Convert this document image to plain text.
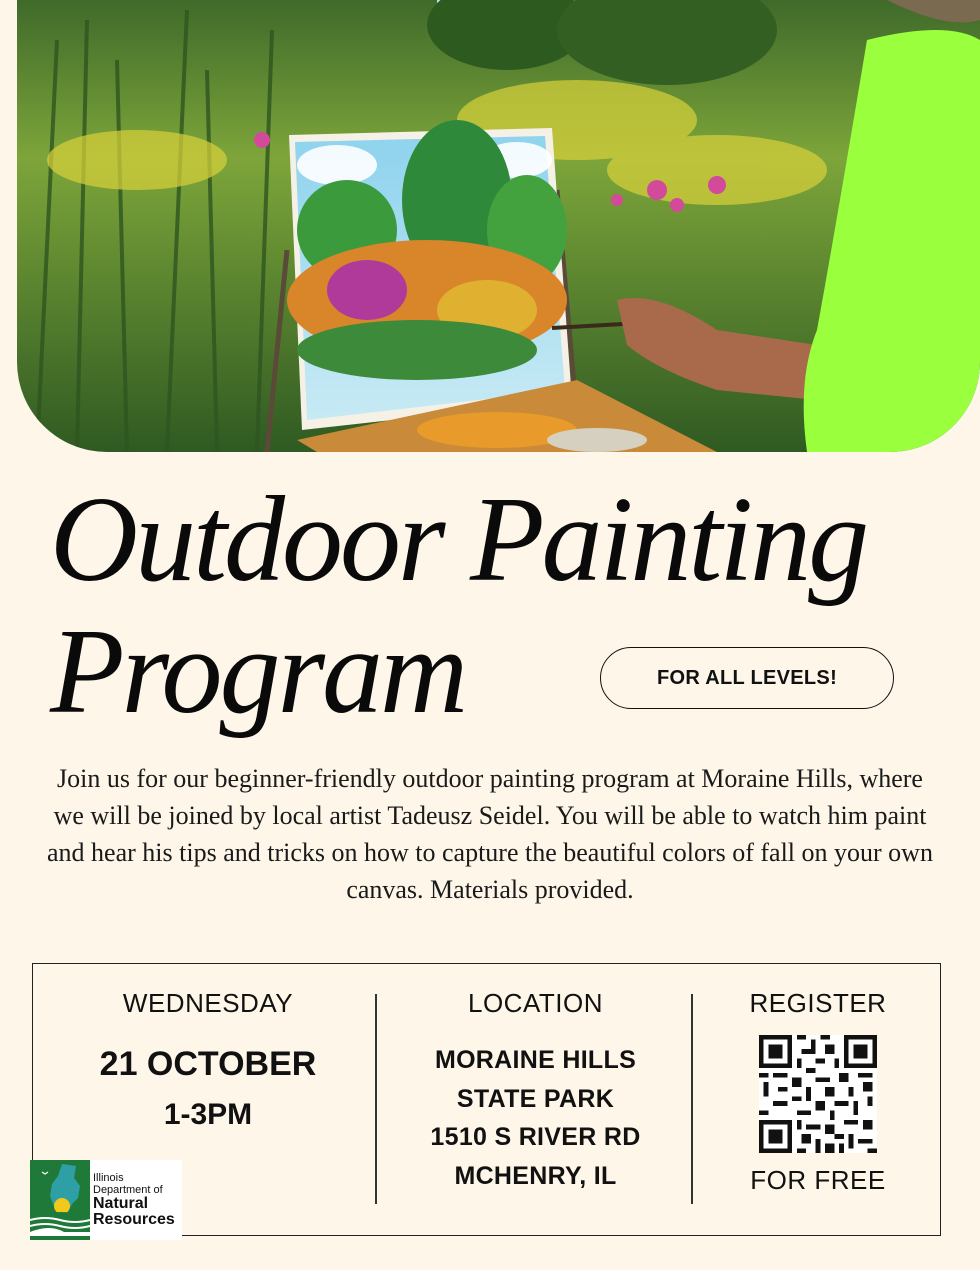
Outdoor Painting
Program	FOR ALL LEVELS!

Join us for our beginner-friendly outdoor painting program at Moraine Hills, where we will be joined by local artist Tadeusz Seidel. You will be able to watch him paint and hear his tips and tricks on how to capture the beautiful colors of fall on your own canvas. Materials provided.

WEDNESDAY
21 OCTOBER
1-3PM
LOCATION
MORAINE HILLS
STATE PARK
1510 S RIVER RD
MCHENRY, IL
REGISTER
FOR FREE
Illinois
Department of
Natural
Resources
